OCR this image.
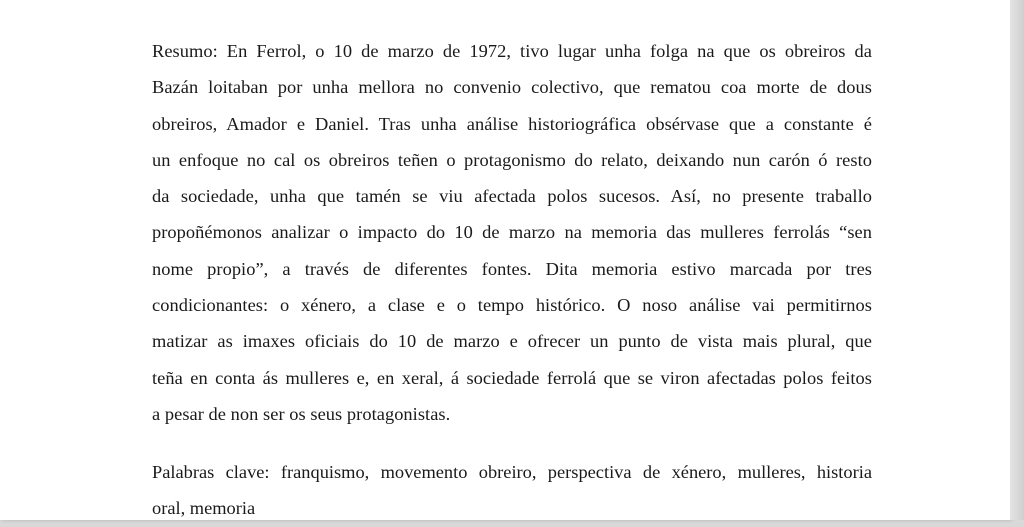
Resumo: En Ferrol, o 10 de marzo de 1972, tivo lugar unha folga na que os obreiros da
Bazán loitaban por unha mellora no convenio colectivo, que rematou coa morte de dous
obreiros, Amador e Daniel. Tras unha análise historiográfica obsérvase que a constante é
un enfoque no cal os obreiros teñen o protagonismo do relato, deixando nun carón ó resto
da sociedade, unha que tamén se viu afectada polos sucesos. Así, no presente traballo
propoñémonos analizar o impacto do 10 de marzo na memoria das mulleres ferrolás “sen
nome propio”, a través de diferentes fontes. Dita memoria estivo marcada por tres
condicionantes: o xénero, a clase e o tempo histórico. O noso análise vai permitirnos
matizar as imaxes oficiais do 10 de marzo e ofrecer un punto de vista mais plural, que
teña en conta ás mulleres e, en xeral, á sociedade ferrolá que se viron afectadas polos feitos
a pesar de non ser os seus protagonistas.
Palabras clave: franquismo, movemento obreiro, perspectiva de xénero, mulleres, historia
oral, memoria
